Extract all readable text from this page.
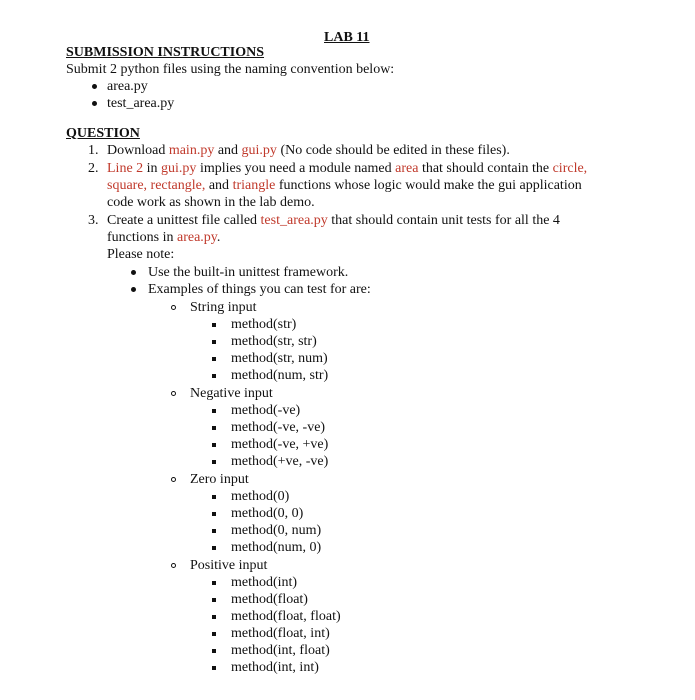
LAB 11
SUBMISSION INSTRUCTIONS
Submit 2 python files using the naming convention below:
area.py
test_area.py
QUESTION
1. Download main.py and gui.py (No code should be edited in these files).
2. Line 2 in gui.py implies you need a module named area that should contain the circle,
square, rectangle, and triangle functions whose logic would make the gui application
code work as shown in the lab demo.
3. Create a unittest file called test_area.py that should contain unit tests for all the 4
functions in area.py.
Please note:
Use the built-in unittest framework.
Examples of things you can test for are:
String input
method(str)
method(str, str)
method(str, num)
method(num, str)
Negative input
method(-ve)
method(-ve, -ve)
method(-ve, +ve)
method(+ve, -ve)
Zero input
method(0)
method(0, 0)
method(0, num)
method(num, 0)
Positive input
method(int)
method(float)
method(float, float)
method(float, int)
method(int, float)
method(int, int)
